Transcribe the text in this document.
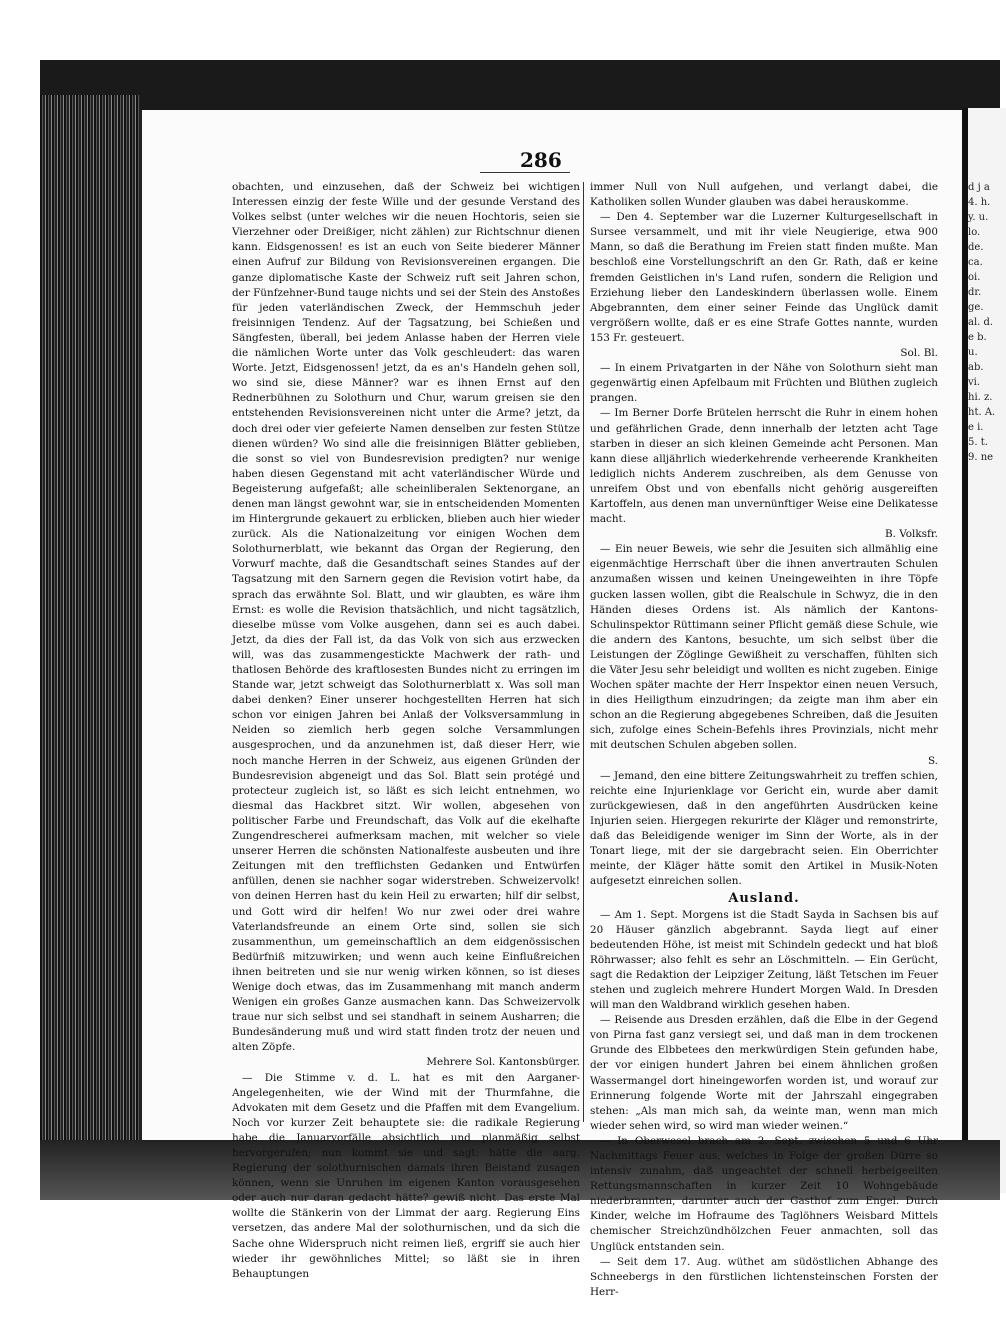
d j a 4. h. y. u. lo. de. ca. oi. dr. ge. al. d. e b. u. ab. vi. hi. z. ht. A. e i. 5. t. 9. ne
286

obachten, und einzusehen, daß der Schweiz bei wichtigen Interessen einzig der feste Wille und der gesunde Verstand des Volkes selbst (unter welches wir die neuen Hochtoris, seien sie Vierzehner oder Dreißiger, nicht zählen) zur Richtschnur dienen kann. Eidsgenossen! es ist an euch von Seite biederer Männer einen Aufruf zur Bildung von Revisionsvereinen ergangen. Die ganze diplomatische Kaste der Schweiz ruft seit Jahren schon, der Fünfzehner-Bund tauge nichts und sei der Stein des Anstoßes für jeden vaterländischen Zweck, der Hemmschuh jeder freisinnigen Tendenz. Auf der Tagsatzung, bei Schießen und Sängfesten, überall, bei jedem Anlasse haben der Herren viele die nämlichen Worte unter das Volk geschleudert: das waren Worte. Jetzt, Eidsgenossen! jetzt, da es an's Handeln gehen soll, wo sind sie, diese Männer? war es ihnen Ernst auf den Rednerbühnen zu Solothurn und Chur, warum greisen sie den entstehenden Revisionsvereinen nicht unter die Arme? jetzt, da doch drei oder vier gefeierte Namen denselben zur festen Stütze dienen würden? Wo sind alle die freisinnigen Blätter geblieben, die sonst so viel von Bundesrevision predigten? nur wenige haben diesen Gegenstand mit acht vaterländischer Würde und Begeisterung aufgefaßt; alle scheinliberalen Sektenorgane, an denen man längst gewohnt war, sie in entscheidenden Momenten im Hintergrunde gekauert zu erblicken, blieben auch hier wieder zurück. Als die Nationalzeitung vor einigen Wochen dem Solothurnerblatt, wie bekannt das Organ der Regierung, den Vorwurf machte, daß die Gesandtschaft seines Standes auf der Tagsatzung mit den Sarnern gegen die Revision votirt habe, da sprach das erwähnte Sol. Blatt, und wir glaubten, es wäre ihm Ernst: es wolle die Revision thatsächlich, und nicht tagsätzlich, dieselbe müsse vom Volke ausgehen, dann sei es auch dabei. Jetzt, da dies der Fall ist, da das Volk von sich aus erzwecken will, was das zusammengestickte Machwerk der rath- und thatlosen Behörde des kraftlosesten Bundes nicht zu erringen im Stande war, jetzt schweigt das Solothurnerblatt x. Was soll man dabei denken? Einer unserer hochgestellten Herren hat sich schon vor einigen Jahren bei Anlaß der Volksversammlung in Neiden so ziemlich herb gegen solche Versammlungen ausgesprochen, und da anzunehmen ist, daß dieser Herr, wie noch manche Herren in der Schweiz, aus eigenen Gründen der Bundesrevision abgeneigt und das Sol. Blatt sein protégé und protecteur zugleich ist, so läßt es sich leicht entnehmen, wo diesmal das Hackbret sitzt. Wir wollen, abgesehen von politischer Farbe und Freundschaft, das Volk auf die ekelhafte Zungendrescherei aufmerksam machen, mit welcher so viele unserer Herren die schönsten Nationalfeste ausbeuten und ihre Zeitungen mit den trefflichsten Gedanken und Entwürfen anfüllen, denen sie nachher sogar widerstreben. Schweizervolk! von deinen Herren hast du kein Heil zu erwarten; hilf dir selbst, und Gott wird dir helfen! Wo nur zwei oder drei wahre Vaterlandsfreunde an einem Orte sind, sollen sie sich zusammenthun, um gemeinschaftlich an dem eidgenössischen Bedürfniß mitzuwirken; und wenn auch keine Einflußreichen ihnen beitreten und sie nur wenig wirken können, so ist dieses Wenige doch etwas, das im Zusammenhang mit manch anderm Wenigen ein großes Ganze ausmachen kann. Das Schweizervolk traue nur sich selbst und sei standhaft in seinem Ausharren; die Bundesänderung muß und wird statt finden trotz der neuen und alten Zöpfe.

Mehrere Sol. Kantonsbürger.

— Die Stimme v. d. L. hat es mit den Aarganer-Angelegenheiten, wie der Wind mit der Thurmfahne, die Advokaten mit dem Gesetz und die Pfaffen mit dem Evangelium. Noch vor kurzer Zeit behauptete sie: die radikale Regierung habe die Januarvorfälle absichtlich und planmäßig selbst hervorgerufen; nun kommt sie und sagt: hätte die aarg. Regierung der solothurnischen damals ihren Beistand zusagen können, wenn sie Unruhen im eigenen Kanton vorausgesehen oder auch nur daran gedacht hätte? gewiß nicht. Das erste Mal wollte die Stänkerin von der Limmat der aarg. Regierung Eins versetzen, das andere Mal der solothurnischen, und da sich die Sache ohne Widerspruch nicht reimen ließ, ergriff sie auch hier wieder ihr gewöhnliches Mittel; so läßt sie in ihren Behauptungen

immer Null von Null aufgehen, und verlangt dabei, die Katholiken sollen Wunder glauben was dabei herauskomme.

— Den 4. September war die Luzerner Kulturgesellschaft in Sursee versammelt, und mit ihr viele Neugierige, etwa 900 Mann, so daß die Berathung im Freien statt finden mußte. Man beschloß eine Vorstellungschrift an den Gr. Rath, daß er keine fremden Geistlichen in's Land rufen, sondern die Religion und Erziehung lieber den Landeskindern überlassen wolle. Einem Abgebrannten, dem einer seiner Feinde das Unglück damit vergrößern wollte, daß er es eine Strafe Gottes nannte, wurden 153 Fr. gesteuert.

Sol. Bl.

— In einem Privatgarten in der Nähe von Solothurn sieht man gegenwärtig einen Apfelbaum mit Früchten und Blüthen zugleich prangen.

— Im Berner Dorfe Brütelen herrscht die Ruhr in einem hohen und gefährlichen Grade, denn innerhalb der letzten acht Tage starben in dieser an sich kleinen Gemeinde acht Personen. Man kann diese alljährlich wiederkehrende verheerende Krankheiten lediglich nichts Anderem zuschreiben, als dem Genusse von unreifem Obst und von ebenfalls nicht gehörig ausgereiften Kartoffeln, aus denen man unvernünftiger Weise eine Delikatesse macht.

B. Volksfr.

— Ein neuer Beweis, wie sehr die Jesuiten sich allmählig eine eigenmächtige Herrschaft über die ihnen anvertrauten Schulen anzumaßen wissen und keinen Uneingeweihten in ihre Töpfe gucken lassen wollen, gibt die Realschule in Schwyz, die in den Händen dieses Ordens ist. Als nämlich der Kantons-Schulinspektor Rüttimann seiner Pflicht gemäß diese Schule, wie die andern des Kantons, besuchte, um sich selbst über die Leistungen der Zöglinge Gewißheit zu verschaffen, fühlten sich die Väter Jesu sehr beleidigt und wollten es nicht zugeben. Einige Wochen später machte der Herr Inspektor einen neuen Versuch, in dies Heiligthum einzudringen; da zeigte man ihm aber ein schon an die Regierung abgegebenes Schreiben, daß die Jesuiten sich, zufolge eines Schein-Befehls ihres Provinzials, nicht mehr mit deutschen Schulen abgeben sollen.

S.

— Jemand, den eine bittere Zeitungswahrheit zu treffen schien, reichte eine Injurienklage vor Gericht ein, wurde aber damit zurückgewiesen, daß in den angeführten Ausdrücken keine Injurien seien. Hiergegen rekurirte der Kläger und remonstrirte, daß das Beleidigende weniger im Sinn der Worte, als in der Tonart liege, mit der sie dargebracht seien. Ein Oberrichter meinte, der Kläger hätte somit den Artikel in Musik-Noten aufgesetzt einreichen sollen.

Ausland.

— Am 1. Sept. Morgens ist die Stadt Sayda in Sachsen bis auf 20 Häuser gänzlich abgebrannt. Sayda liegt auf einer bedeutenden Höhe, ist meist mit Schindeln gedeckt und hat bloß Röhrwasser; also fehlt es sehr an Löschmitteln. — Ein Gerücht, sagt die Redaktion der Leipziger Zeitung, läßt Tetschen im Feuer stehen und zugleich mehrere Hundert Morgen Wald. In Dresden will man den Waldbrand wirklich gesehen haben.

— Reisende aus Dresden erzählen, daß die Elbe in der Gegend von Pirna fast ganz versiegt sei, und daß man in dem trockenen Grunde des Elbbetees den merkwürdigen Stein gefunden habe, der vor einigen hundert Jahren bei einem ähnlichen großen Wassermangel dort hineingeworfen worden ist, und worauf zur Erinnerung folgende Worte mit der Jahrszahl eingegraben stehen: „Als man mich sah, da weinte man, wenn man mich wieder sehen wird, so wird man wieder weinen.“

— In Oberwesel brach am 2. Sept. zwischen 5 und 6 Uhr Nachmittags Feuer aus, welches in Folge der großen Dürre so intensiv zunahm, daß ungeachtet der schnell herbeigeeilten Rettungsmannschaften in kurzer Zeit 10 Wohngebäude niederbrannten, darunter auch der Gasthof zum Engel. Durch Kinder, welche im Hofraume des Taglöhners Weisbard Mittels chemischer Streichzündhölzchen Feuer anmachten, soll das Unglück entstanden sein.

— Seit dem 17. Aug. wüthet am südöstlichen Abhange des Schneebergs in den fürstlichen lichtensteinschen Forsten der Herr-
